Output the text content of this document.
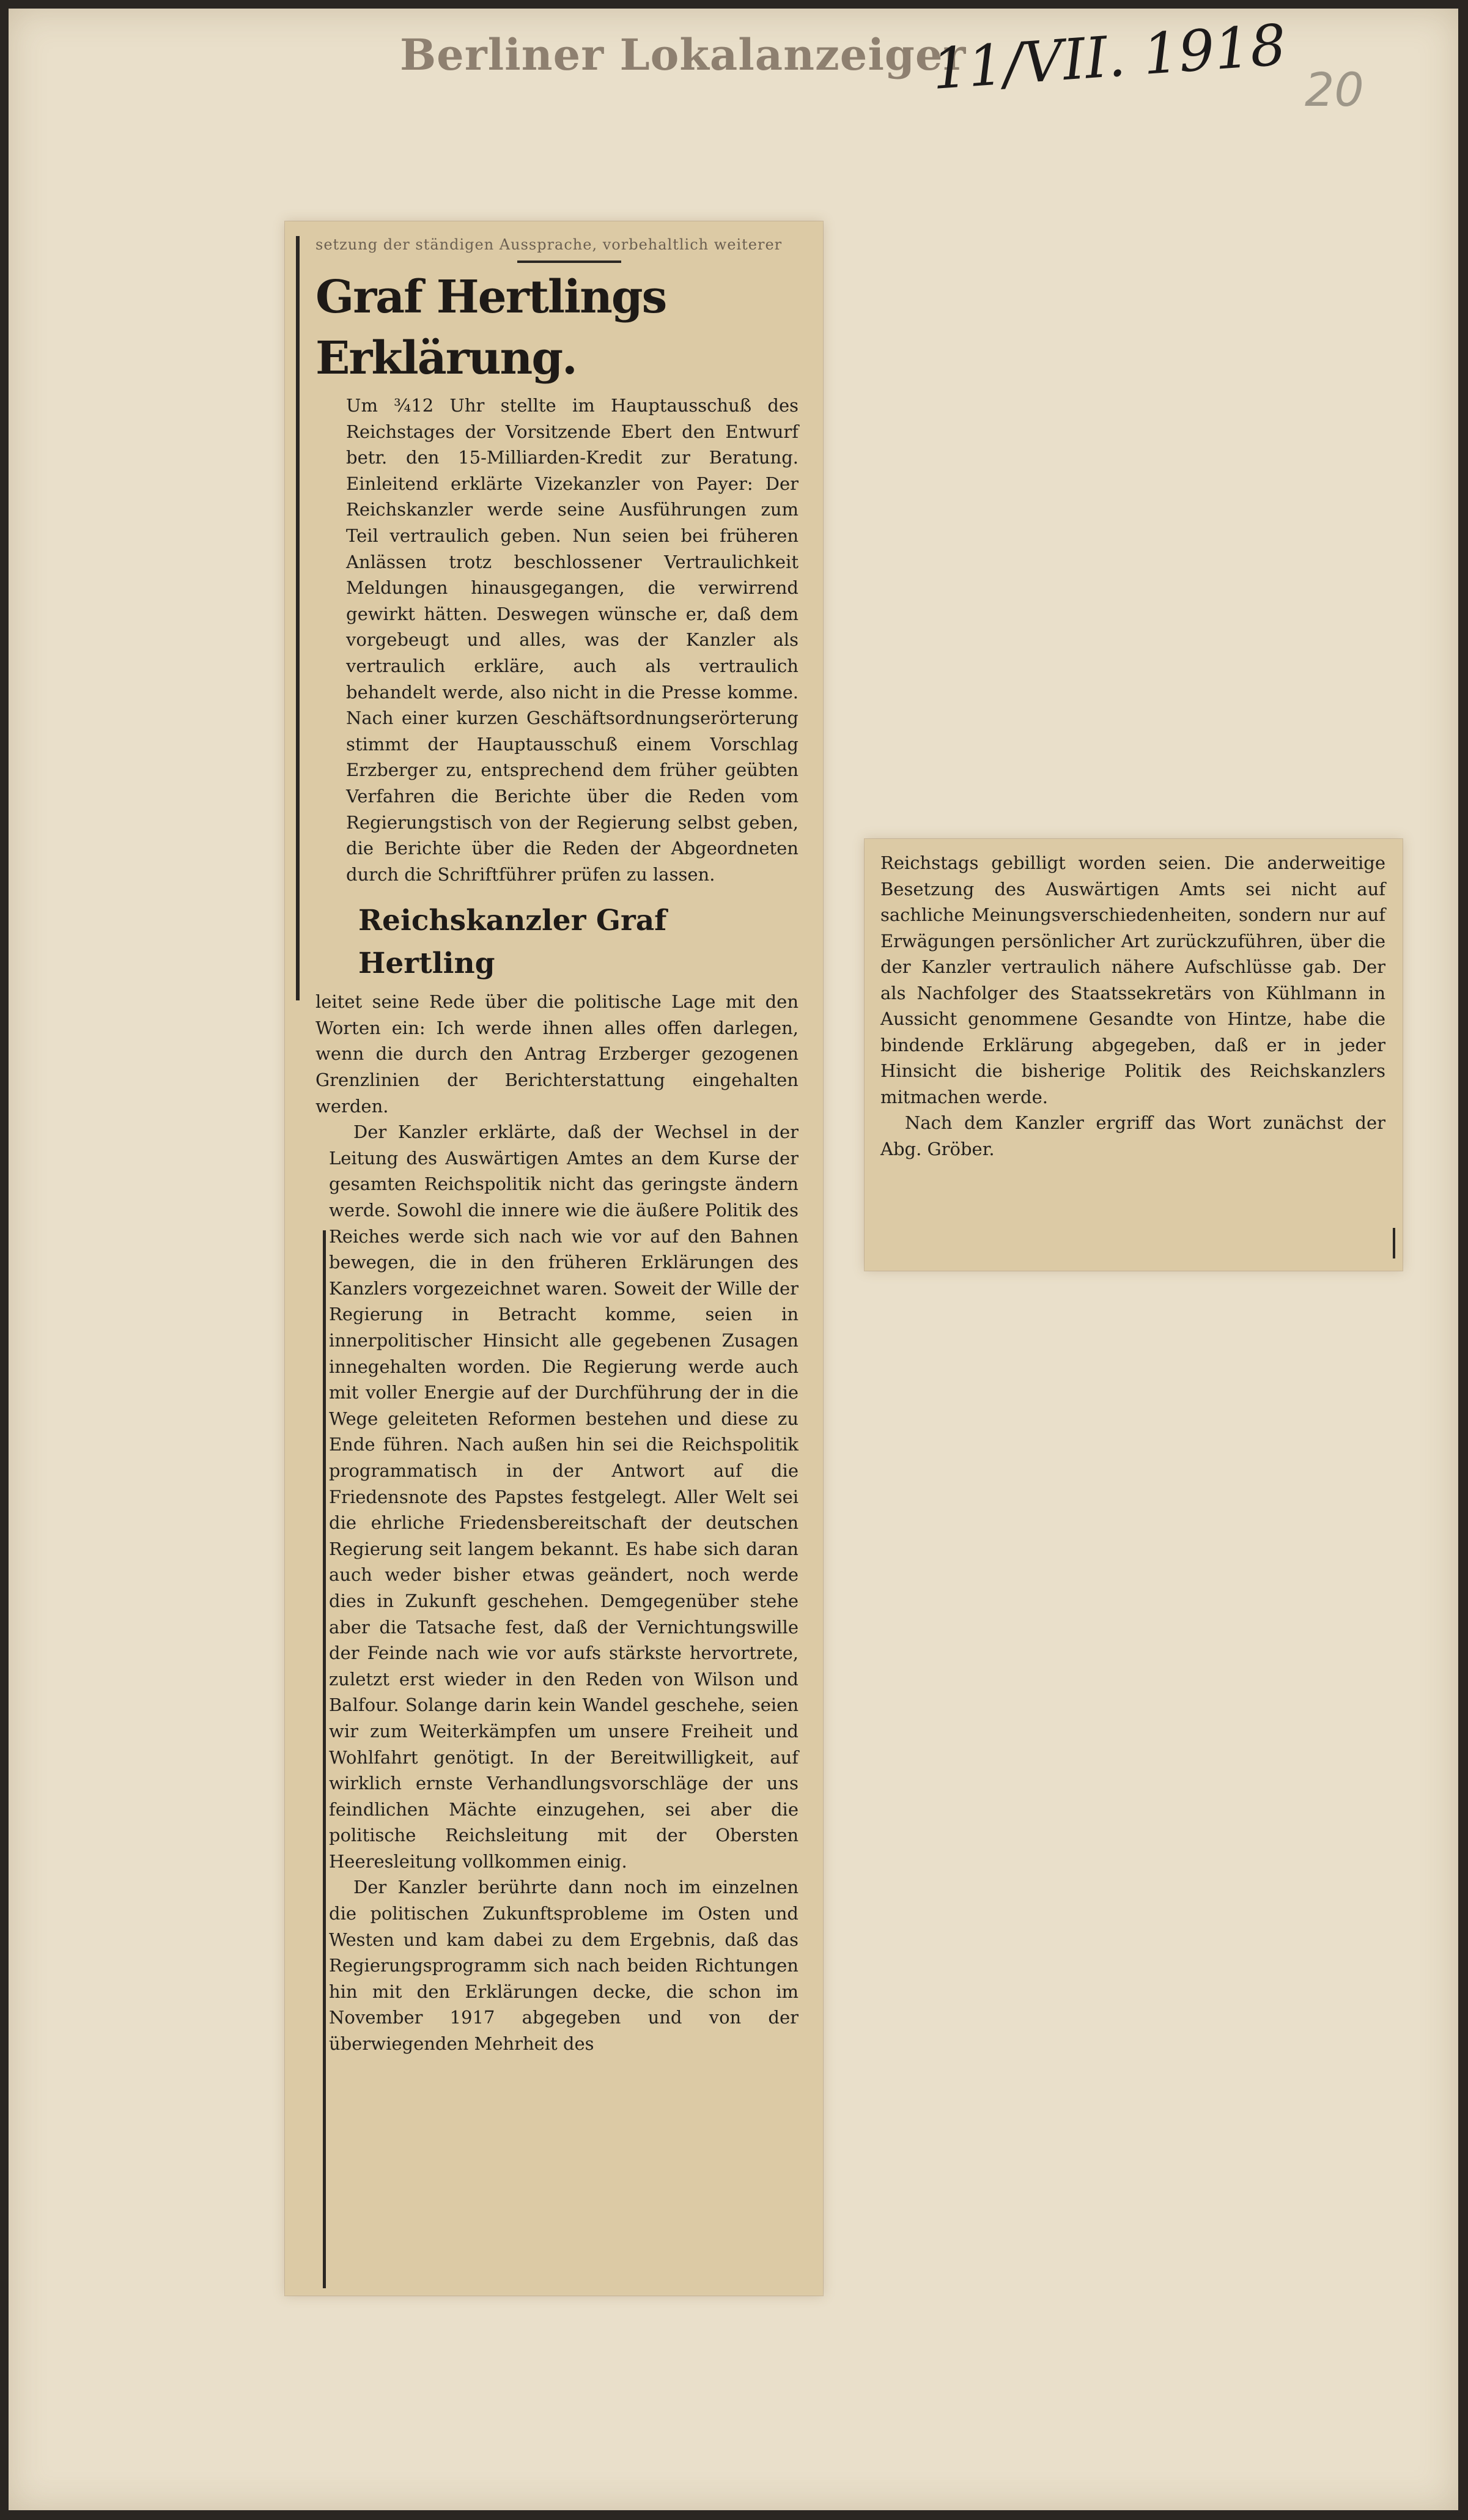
Berliner Lokalanzeiger
11/VII. 1918 20
setzung der ständigen Aussprache, vorbehaltlich weiterer
Graf Hertlings Erklärung.

Um ¾12 Uhr stellte im Hauptausschuß des Reichstages der Vorsitzende Ebert den Entwurf betr. den 15-Milliarden-Kredit zur Beratung. Einleitend erklärte Vizekanzler von Payer: Der Reichskanzler werde seine Ausführungen zum Teil vertraulich geben. Nun seien bei früheren Anlässen trotz beschlossener Vertraulichkeit Meldungen hinausgegangen, die verwirrend gewirkt hätten. Deswegen wünsche er, daß dem vorgebeugt und alles, was der Kanzler als vertraulich erkläre, auch als vertraulich behandelt werde, also nicht in die Presse komme. Nach einer kurzen Geschäftsordnungserörterung stimmt der Hauptausschuß einem Vorschlag Erzberger zu, entsprechend dem früher geübten Verfahren die Berichte über die Reden vom Regierungstisch von der Regierung selbst geben, die Berichte über die Reden der Abgeordneten durch die Schriftführer prüfen zu lassen.

Reichskanzler Graf Hertling

leitet seine Rede über die politische Lage mit den Worten ein: Ich werde ihnen alles offen darlegen, wenn die durch den Antrag Erzberger gezogenen Grenzlinien der Berichterstattung eingehalten werden.

Der Kanzler erklärte, daß der Wechsel in der Leitung des Auswärtigen Amtes an dem Kurse der gesamten Reichspolitik nicht das geringste ändern werde. Sowohl die innere wie die äußere Politik des Reiches werde sich nach wie vor auf den Bahnen bewegen, die in den früheren Erklärungen des Kanzlers vorgezeichnet waren. Soweit der Wille der Regierung in Betracht komme, seien in innerpolitischer Hinsicht alle gegebenen Zusagen innegehalten worden. Die Regierung werde auch mit voller Energie auf der Durchführung der in die Wege geleiteten Reformen bestehen und diese zu Ende führen. Nach außen hin sei die Reichspolitik programmatisch in der Antwort auf die Friedensnote des Papstes festgelegt. Aller Welt sei die ehrliche Friedensbereitschaft der deutschen Regierung seit langem bekannt. Es habe sich daran auch weder bisher etwas geändert, noch werde dies in Zukunft geschehen. Demgegenüber stehe aber die Tatsache fest, daß der Vernichtungswille der Feinde nach wie vor aufs stärkste hervortrete, zuletzt erst wieder in den Reden von Wilson und Balfour. Solange darin kein Wandel geschehe, seien wir zum Weiterkämpfen um unsere Freiheit und Wohlfahrt genötigt. In der Bereitwilligkeit, auf wirklich ernste Verhandlungsvorschläge der uns feindlichen Mächte einzugehen, sei aber die politische Reichsleitung mit der Obersten Heeresleitung vollkommen einig.

Der Kanzler berührte dann noch im einzelnen die politischen Zukunftsprobleme im Osten und Westen und kam dabei zu dem Ergebnis, daß das Regierungsprogramm sich nach beiden Richtungen hin mit den Erklärungen decke, die schon im November 1917 abgegeben und von der überwiegenden Mehrheit des

Reichstags gebilligt worden seien. Die anderweitige Besetzung des Auswärtigen Amts sei nicht auf sachliche Meinungsverschiedenheiten, sondern nur auf Erwägungen persönlicher Art zurückzuführen, über die der Kanzler vertraulich nähere Aufschlüsse gab. Der als Nachfolger des Staatssekretärs von Kühlmann in Aussicht genommene Gesandte von Hintze, habe die bindende Erklärung abgegeben, daß er in jeder Hinsicht die bisherige Politik des Reichskanzlers mitmachen werde.

Nach dem Kanzler ergriff das Wort zunächst der Abg. Gröber.
